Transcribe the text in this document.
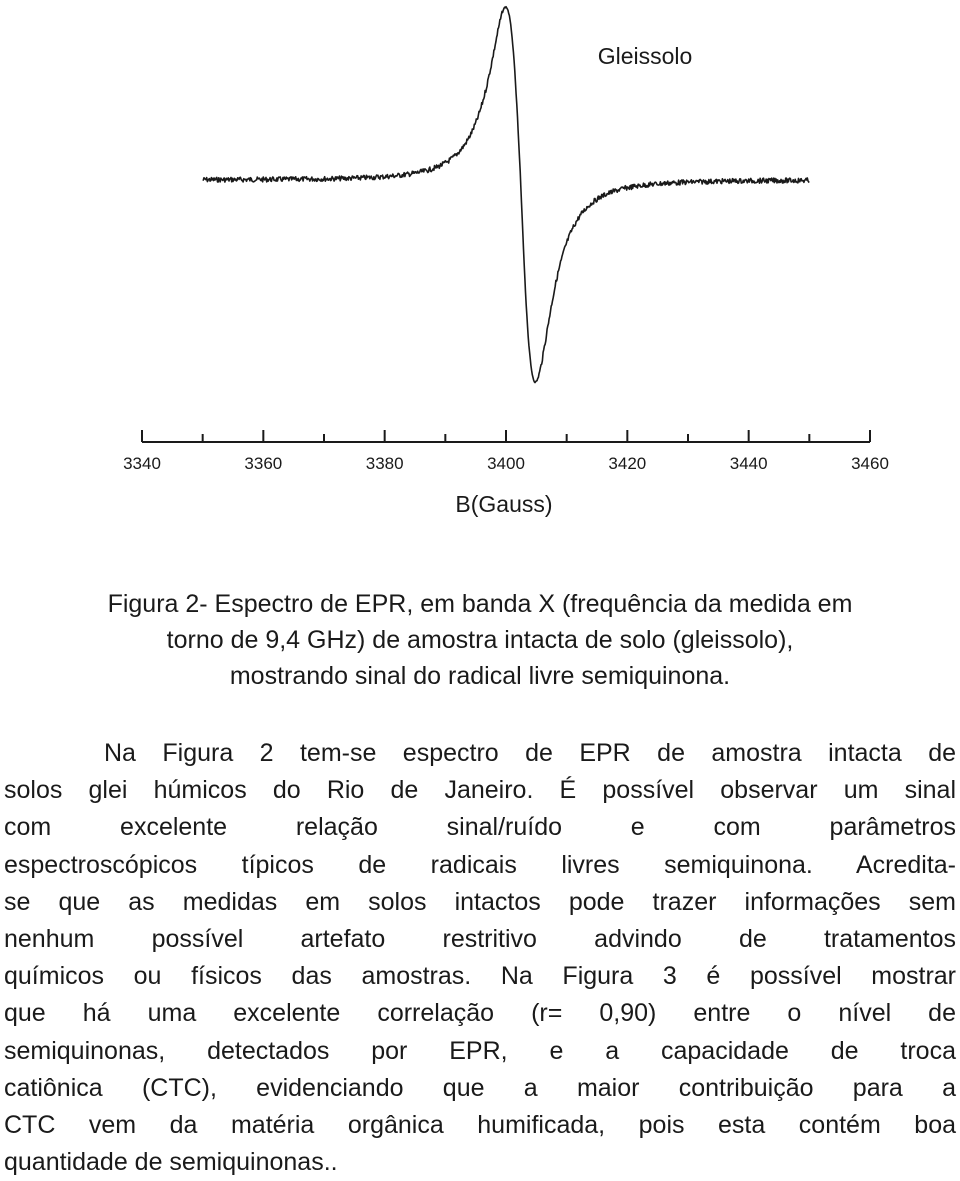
Gleissolo
3340	3360	3380	3400	3420	3440	3460
B(Gauss)
Figura 2- Espectro de EPR, em banda X (frequência da medida em
torno de 9,4 GHz) de amostra intacta de solo (gleissolo),
mostrando sinal do radical livre semiquinona.
Na Figura 2 tem-se espectro de EPR de amostra intacta de
solos glei húmicos do Rio de Janeiro. É possível observar um sinal
com excelente relação sinal/ruído e com parâmetros
espectroscópicos típicos de radicais livres semiquinona. Acredita-
se que as medidas em solos intactos pode trazer informações sem
nenhum possível artefato restritivo advindo de tratamentos
químicos ou físicos das amostras. Na Figura 3 é possível mostrar
que há uma excelente correlação (r= 0,90) entre o nível de
semiquinonas, detectados por EPR, e a capacidade de troca
catiônica (CTC), evidenciando que a maior contribuição para a
CTC vem da matéria orgânica humificada, pois esta contém boa
quantidade de semiquinonas..
